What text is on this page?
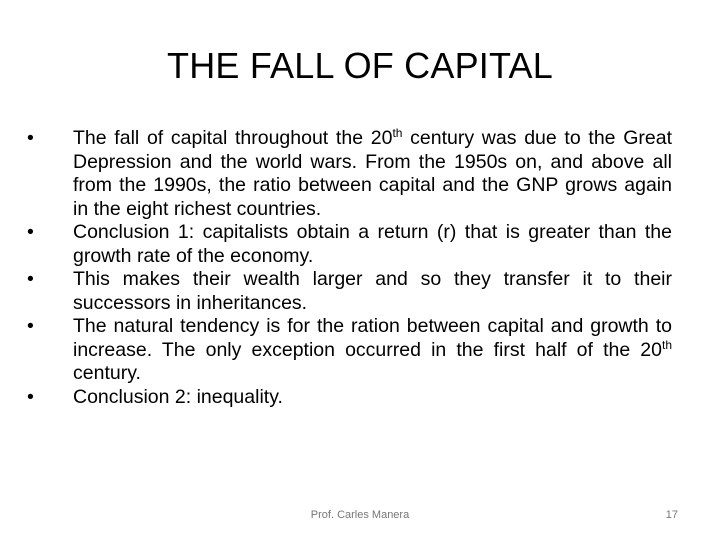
THE FALL OF CAPITAL
•	The fall of capital throughout the 20th century was due to the Great Depression and the world wars. From the 1950s on, and above all from the 1990s, the ratio between capital and the GNP grows again in the eight richest countries.
•	Conclusion 1: capitalists obtain a return (r) that is greater than the growth rate of the economy.
•	This makes their wealth larger and so they transfer it to their successors in inheritances.
•	The natural tendency is for the ration between capital and growth to increase. The only exception occurred in the first half of the 20th century.
•	Conclusion 2: inequality.
Prof. Carles Manera	17
